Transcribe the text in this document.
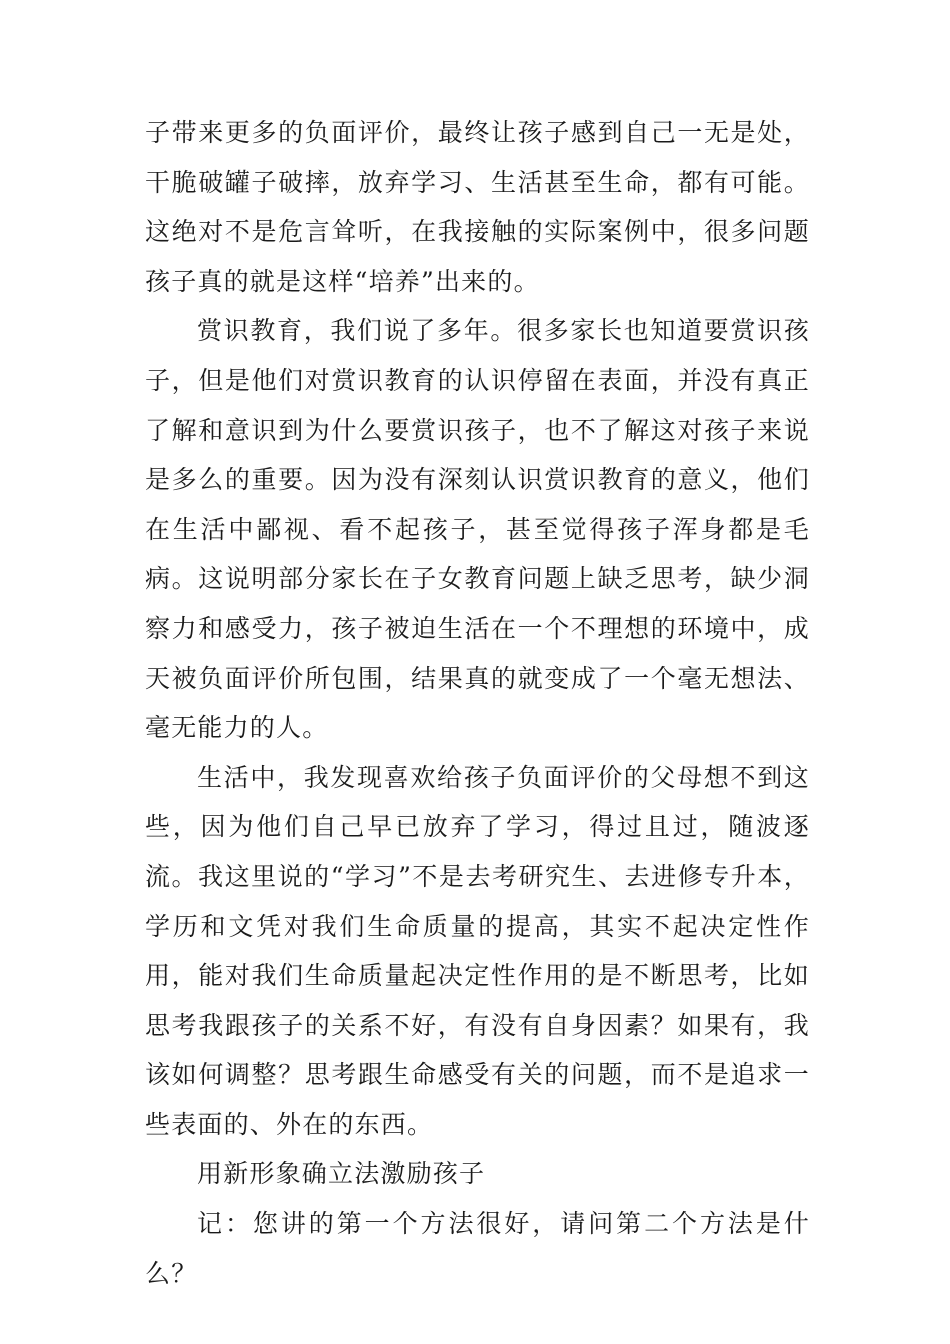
子带来更多的负面评价，最终让孩子感到自己一无是处，干脆破罐子破摔，放弃学习、生活甚至生命，都有可能。这绝对不是危言耸听，在我接触的实际案例中，很多问题孩子真的就是这样“培养”出来的。

赏识教育，我们说了多年。很多家长也知道要赏识孩子，但是他们对赏识教育的认识停留在表面，并没有真正了解和意识到为什么要赏识孩子，也不了解这对孩子来说是多么的重要。因为没有深刻认识赏识教育的意义，他们在生活中鄙视、看不起孩子，甚至觉得孩子浑身都是毛病。这说明部分家长在子女教育问题上缺乏思考，缺少洞察力和感受力，孩子被迫生活在一个不理想的环境中，成天被负面评价所包围，结果真的就变成了一个毫无想法、毫无能力的人。

生活中，我发现喜欢给孩子负面评价的父母想不到这些，因为他们自己早已放弃了学习，得过且过，随波逐流。我这里说的“学习”不是去考研究生、去进修专升本，学历和文凭对我们生命质量的提高，其实不起决定性作用，能对我们生命质量起决定性作用的是不断思考，比如思考我跟孩子的关系不好，有没有自身因素？如果有，我该如何调整？思考跟生命感受有关的问题，而不是追求一些表面的、外在的东西。

用新形象确立法激励孩子

记：您讲的第一个方法很好，请问第二个方法是什么？
